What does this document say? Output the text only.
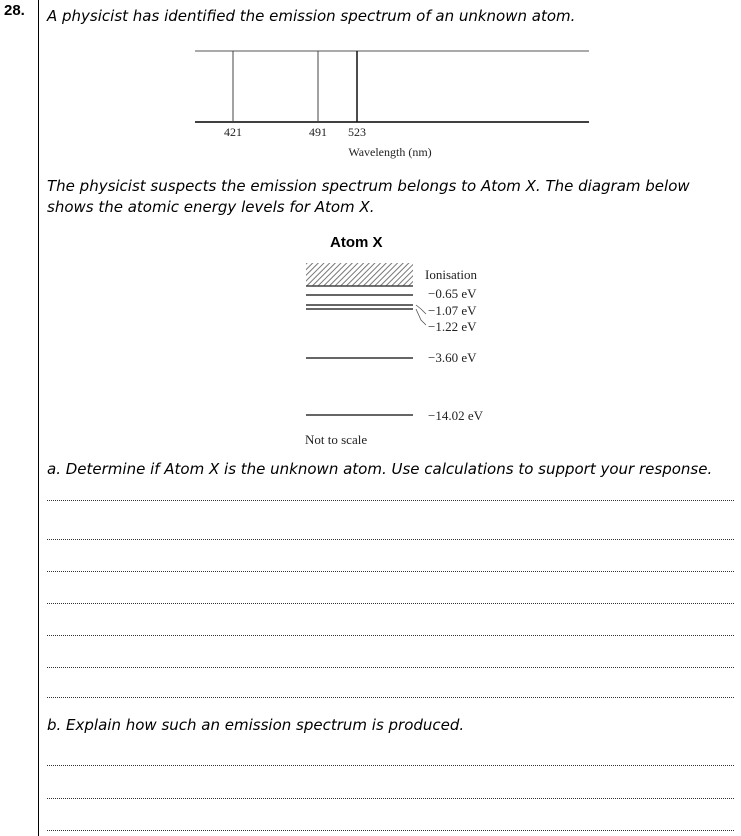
28. A physicist has identified the emission spectrum of an unknown atom.
421	491 523
Wavelength (nm)
The physicist suspects the emission spectrum belongs to Atom X. The diagram below shows the atomic energy levels for Atom X.
Atom X
Ionisation
−0.65 eV
−1.07 eV
−1.22 eV
−3.60 eV
−14.02 eV
Not to scale
a. Determine if Atom X is the unknown atom. Use calculations to support your response.
b. Explain how such an emission spectrum is produced.
